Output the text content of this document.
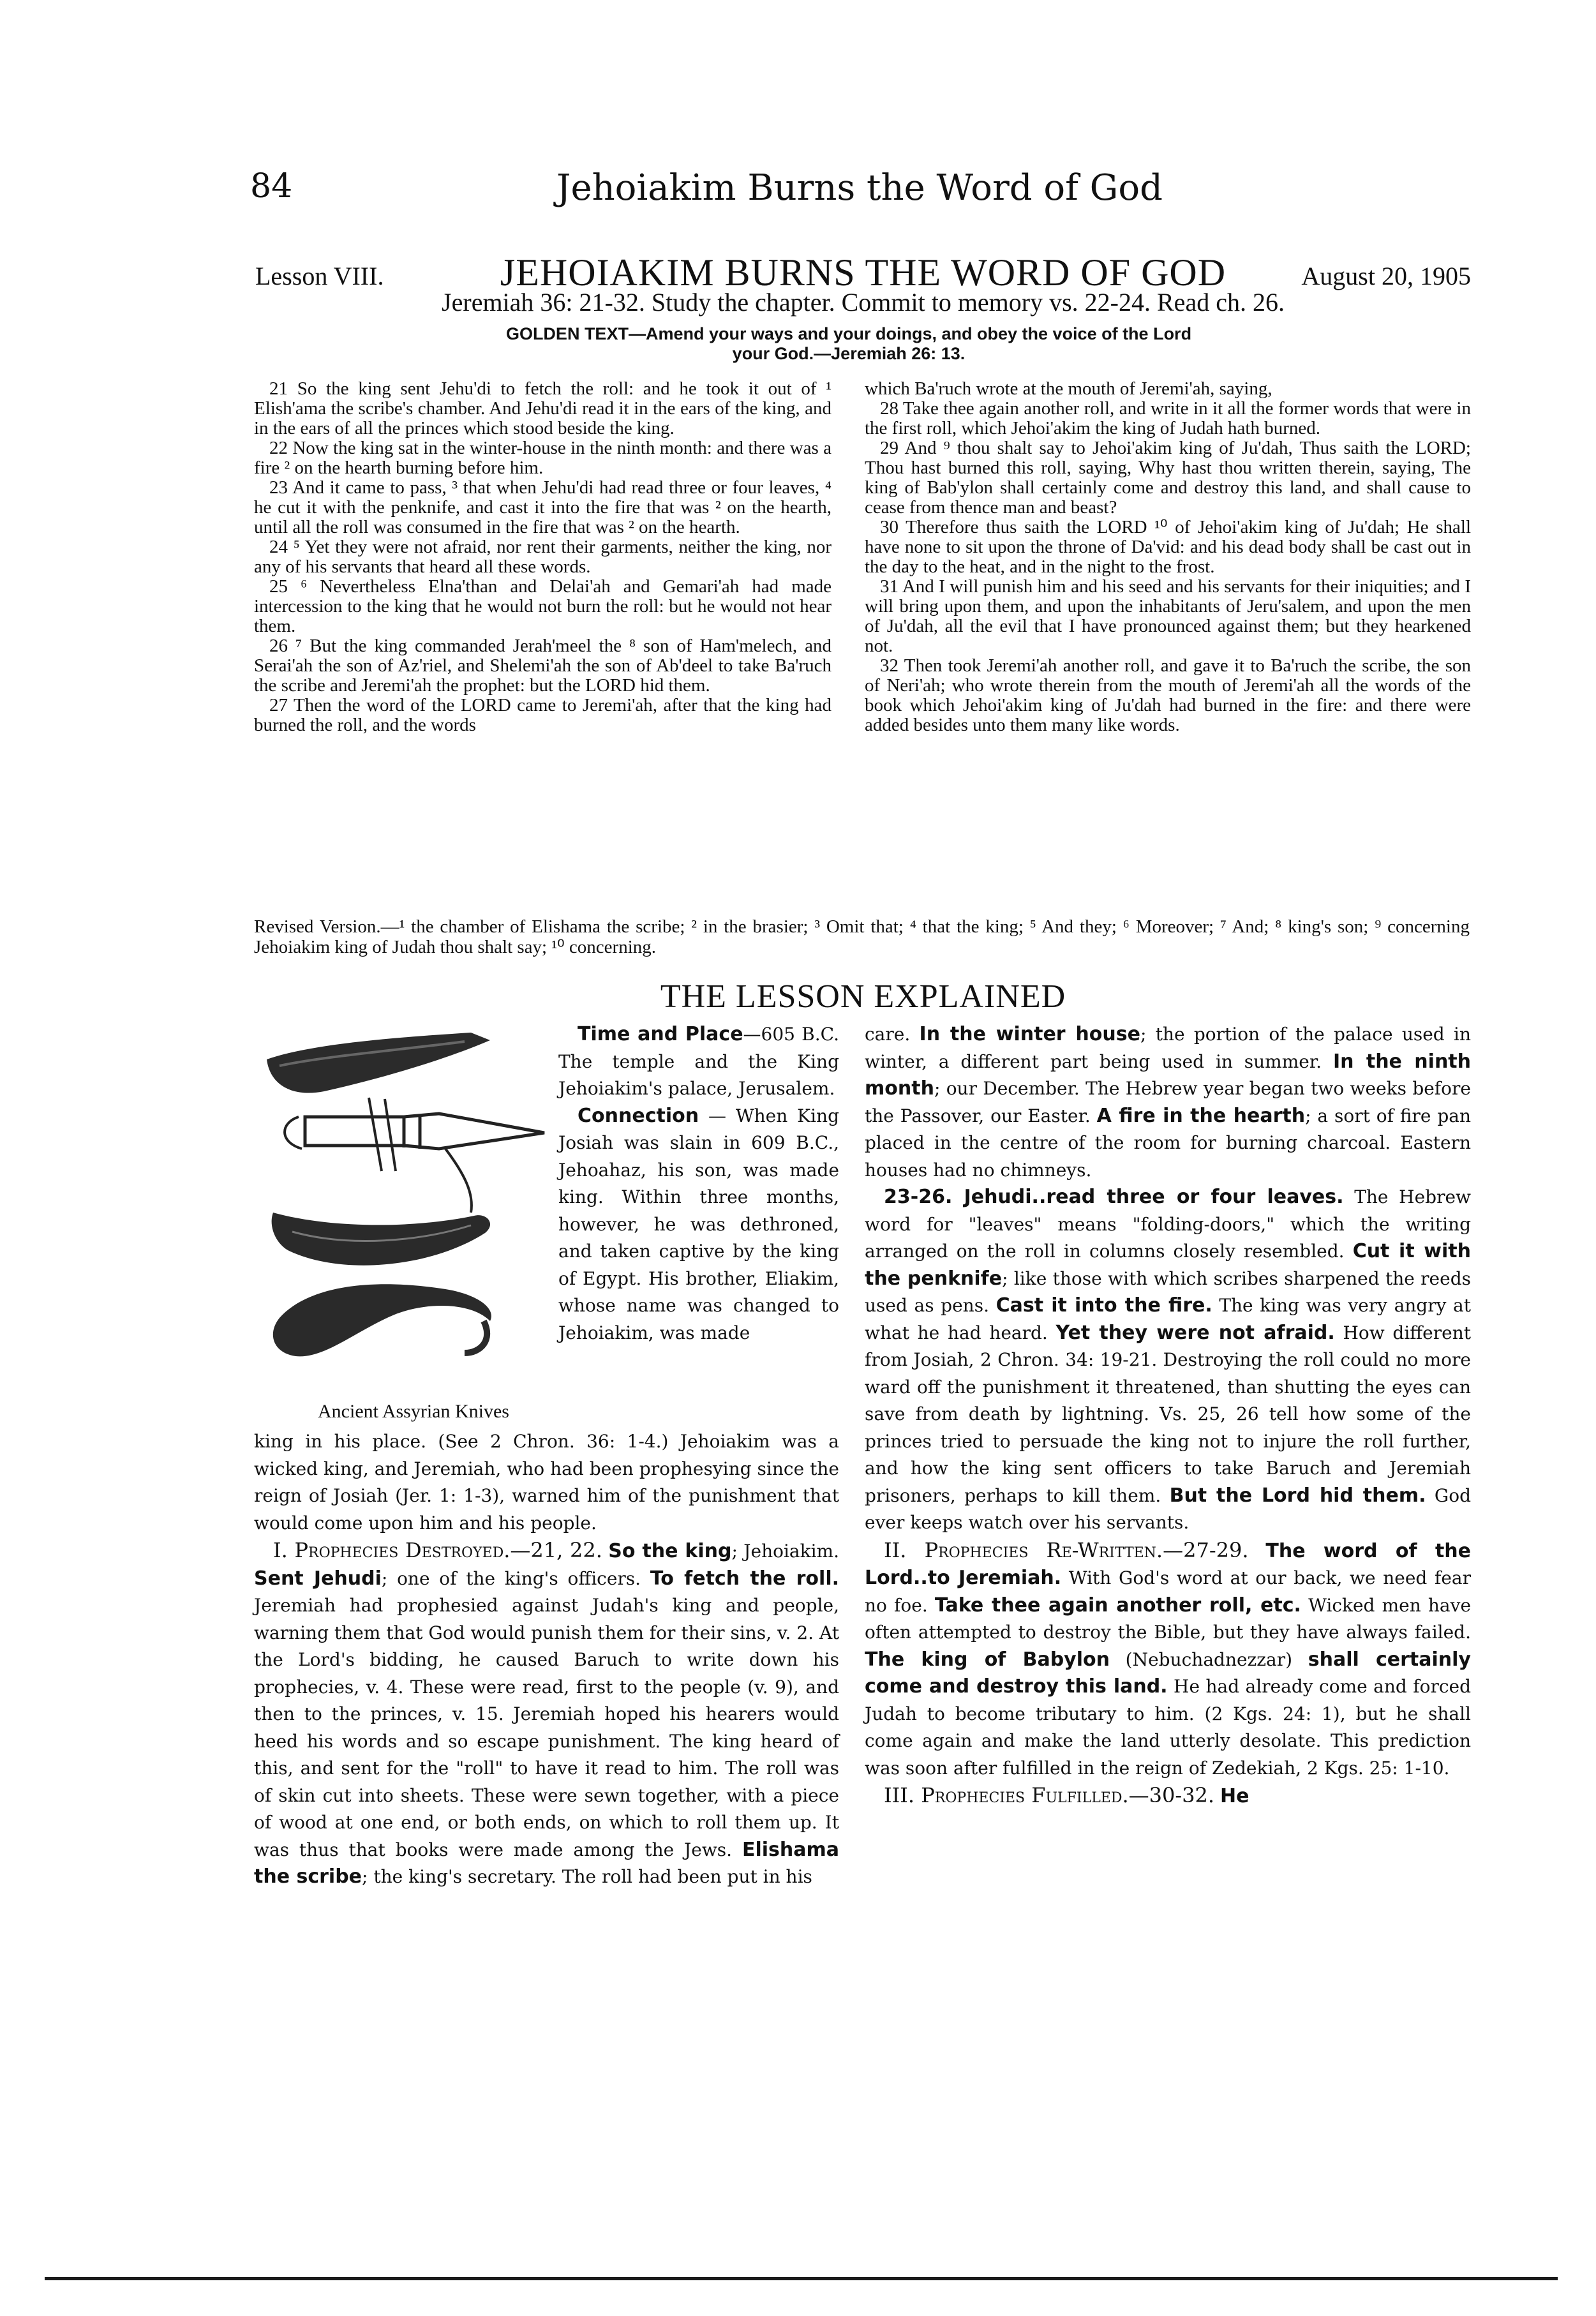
84	Jehoiakim Burns the Word of God
Lesson VIII.	JEHOIAKIM BURNS THE WORD OF GOD	August 20, 1905
Jeremiah 36: 21-32. Study the chapter. Commit to memory vs. 22-24. Read ch. 26.
GOLDEN TEXT—Amend your ways and your doings, and obey the voice of the Lord
your God.—Jeremiah 26: 13.

21 So the king sent Jehu'di to fetch the roll: and he took it out of ¹ Elish'ama the scribe's chamber. And Jehu'di read it in the ears of the king, and in the ears of all the princes which stood beside the king.

22 Now the king sat in the winter-house in the ninth month: and there was a fire ² on the hearth burning before him.

23 And it came to pass, ³ that when Jehu'di had read three or four leaves, ⁴ he cut it with the penknife, and cast it into the fire that was ² on the hearth, until all the roll was consumed in the fire that was ² on the hearth.

24 ⁵ Yet they were not afraid, nor rent their garments, neither the king, nor any of his servants that heard all these words.

25 ⁶ Nevertheless Elna'than and Delai'ah and Gemari'ah had made intercession to the king that he would not burn the roll: but he would not hear them.

26 ⁷ But the king commanded Jerah'meel the ⁸ son of Ham'melech, and Serai'ah the son of Az'riel, and Shelemi'ah the son of Ab'deel to take Ba'ruch the scribe and Jeremi'ah the prophet: but the LORD hid them.

27 Then the word of the LORD came to Jeremi'ah, after that the king had burned the roll, and the words

which Ba'ruch wrote at the mouth of Jeremi'ah, saying,

28 Take thee again another roll, and write in it all the former words that were in the first roll, which Jehoi'akim the king of Judah hath burned.

29 And ⁹ thou shalt say to Jehoi'akim king of Ju'dah, Thus saith the LORD; Thou hast burned this roll, saying, Why hast thou written therein, saying, The king of Bab'ylon shall certainly come and destroy this land, and shall cause to cease from thence man and beast?

30 Therefore thus saith the LORD ¹⁰ of Jehoi'akim king of Ju'dah; He shall have none to sit upon the throne of Da'vid: and his dead body shall be cast out in the day to the heat, and in the night to the frost.

31 And I will punish him and his seed and his servants for their iniquities; and I will bring upon them, and upon the inhabitants of Jeru'salem, and upon the men of Ju'dah, all the evil that I have pronounced against them; but they hearkened not.

32 Then took Jeremi'ah another roll, and gave it to Ba'ruch the scribe, the son of Neri'ah; who wrote therein from the mouth of Jeremi'ah all the words of the book which Jehoi'akim king of Ju'dah had burned in the fire: and there were added besides unto them many like words.

Revised Version.—¹ the chamber of Elishama the scribe; ² in the brasier; ³ Omit that; ⁴ that the king; ⁵ And they; ⁶ Moreover; ⁷ And; ⁸ king's son; ⁹ concerning Jehoiakim king of Judah thou shalt say; ¹⁰ concerning.
THE LESSON EXPLAINED
Ancient Assyrian Knives

Time and Place—605 B.C. The temple and the King Jehoiakim's palace, Jerusalem.

Connection — When King Josiah was slain in 609 B.C., Jehoahaz, his son, was made king. Within three months, however, he was dethroned, and taken captive by the king of Egypt. His brother, Eliakim, whose name was changed to Jehoiakim, was made

king in his place. (See 2 Chron. 36: 1-4.) Jehoiakim was a wicked king, and Jeremiah, who had been prophesying since the reign of Josiah (Jer. 1: 1-3), warned him of the punishment that would come upon him and his people.

I. Prophecies Destroyed.—21, 22. So the king; Jehoiakim. Sent Jehudi; one of the king's officers. To fetch the roll. Jeremiah had prophesied against Judah's king and people, warning them that God would punish them for their sins, v. 2. At the Lord's bidding, he caused Baruch to write down his prophecies, v. 4. These were read, first to the people (v. 9), and then to the princes, v. 15. Jeremiah hoped his hearers would heed his words and so escape punishment. The king heard of this, and sent for the "roll" to have it read to him. The roll was of skin cut into sheets. These were sewn together, with a piece of wood at one end, or both ends, on which to roll them up. It was thus that books were made among the Jews. Elishama the scribe; the king's secretary. The roll had been put in his

care. In the winter house; the portion of the palace used in winter, a different part being used in summer. In the ninth month; our December. The Hebrew year began two weeks before the Passover, our Easter. A fire in the hearth; a sort of fire pan placed in the centre of the room for burning charcoal. Eastern houses had no chimneys.

23-26. Jehudi..read three or four leaves. The Hebrew word for "leaves" means "folding-doors," which the writing arranged on the roll in columns closely resembled. Cut it with the penknife; like those with which scribes sharpened the reeds used as pens. Cast it into the fire. The king was very angry at what he had heard. Yet they were not afraid. How different from Josiah, 2 Chron. 34: 19-21. Destroying the roll could no more ward off the punishment it threatened, than shutting the eyes can save from death by lightning. Vs. 25, 26 tell how some of the princes tried to persuade the king not to injure the roll further, and how the king sent officers to take Baruch and Jeremiah prisoners, perhaps to kill them. But the Lord hid them. God ever keeps watch over his servants.

II. Prophecies Re-Written.—27-29. The word of the Lord..to Jeremiah. With God's word at our back, we need fear no foe. Take thee again another roll, etc. Wicked men have often attempted to destroy the Bible, but they have always failed. The king of Babylon (Nebuchadnezzar) shall certainly come and destroy this land. He had already come and forced Judah to become tributary to him. (2 Kgs. 24: 1), but he shall come again and make the land utterly desolate. This prediction was soon after fulfilled in the reign of Zedekiah, 2 Kgs. 25: 1-10.

III. Prophecies Fulfilled.—30-32. He
